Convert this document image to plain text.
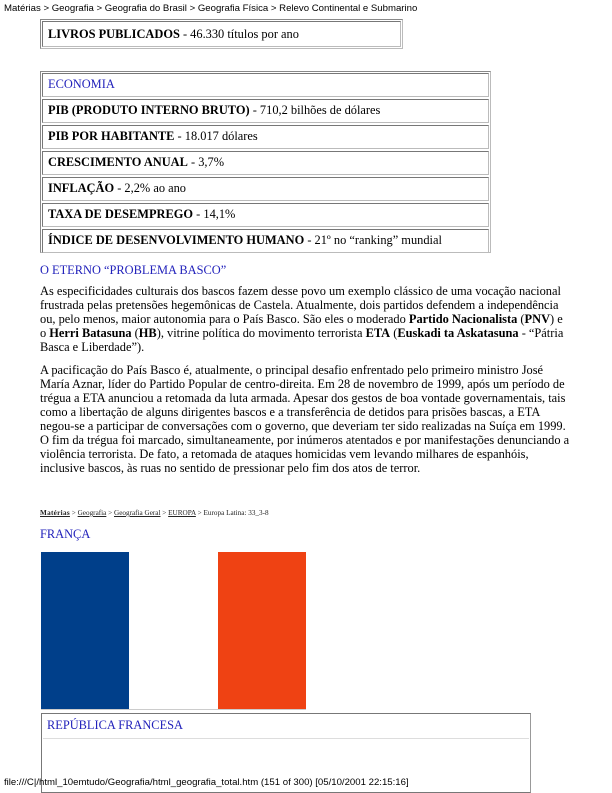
Matérias > Geografia > Geografia do Brasil > Geografia Física > Relevo Continental e Submarino
LIVROS PUBLICADOS - 46.330 títulos por ano
ECONOMIA
PIB (PRODUTO INTERNO BRUTO) - 710,2 bilhões de dólares
PIB POR HABITANTE - 18.017 dólares
CRESCIMENTO ANUAL - 3,7%
INFLAÇÃO - 2,2% ao ano
TAXA DE DESEMPREGO - 14,1%
ÍNDICE DE DESENVOLVIMENTO HUMANO - 21º no “ranking” mundial
O ETERNO “PROBLEMA BASCO”
As especificidades culturais dos bascos fazem desse povo um exemplo clássico de uma vocação nacional
frustrada pelas pretensões hegemônicas de Castela. Atualmente, dois partidos defendem a independência
ou, pelo menos, maior autonomia para o País Basco. São eles o moderado Partido Nacionalista (PNV) e
o Herri Batasuna (HB), vitrine política do movimento terrorista ETA (Euskadi ta Askatasuna - “Pátria
Basca e Liberdade”).
A pacificação do País Basco é, atualmente, o principal desafio enfrentado pelo primeiro ministro José
María Aznar, líder do Partido Popular de centro-direita. Em 28 de novembro de 1999, após um período de
trégua a ETA anunciou a retomada da luta armada. Apesar dos gestos de boa vontade governamentais, tais
como a libertação de alguns dirigentes bascos e a transferência de detidos para prisões bascas, a ETA
negou-se a participar de conversações com o governo, que deveriam ter sido realizadas na Suíça em 1999.
O fim da trégua foi marcado, simultaneamente, por inúmeros atentados e por manifestações denunciando a
violência terrorista. De fato, a retomada de ataques homicidas vem levando milhares de espanhóis,
inclusive bascos, às ruas no sentido de pressionar pelo fim dos atos de terror.
Matérias > Geografia > Geografia Geral > EUROPA > Europa Latina: 33_3-8
FRANÇA
REPÚBLICA FRANCESA
file:///C|/html_10emtudo/Geografia/html_geografia_total.htm (151 of 300) [05/10/2001 22:15:16]
